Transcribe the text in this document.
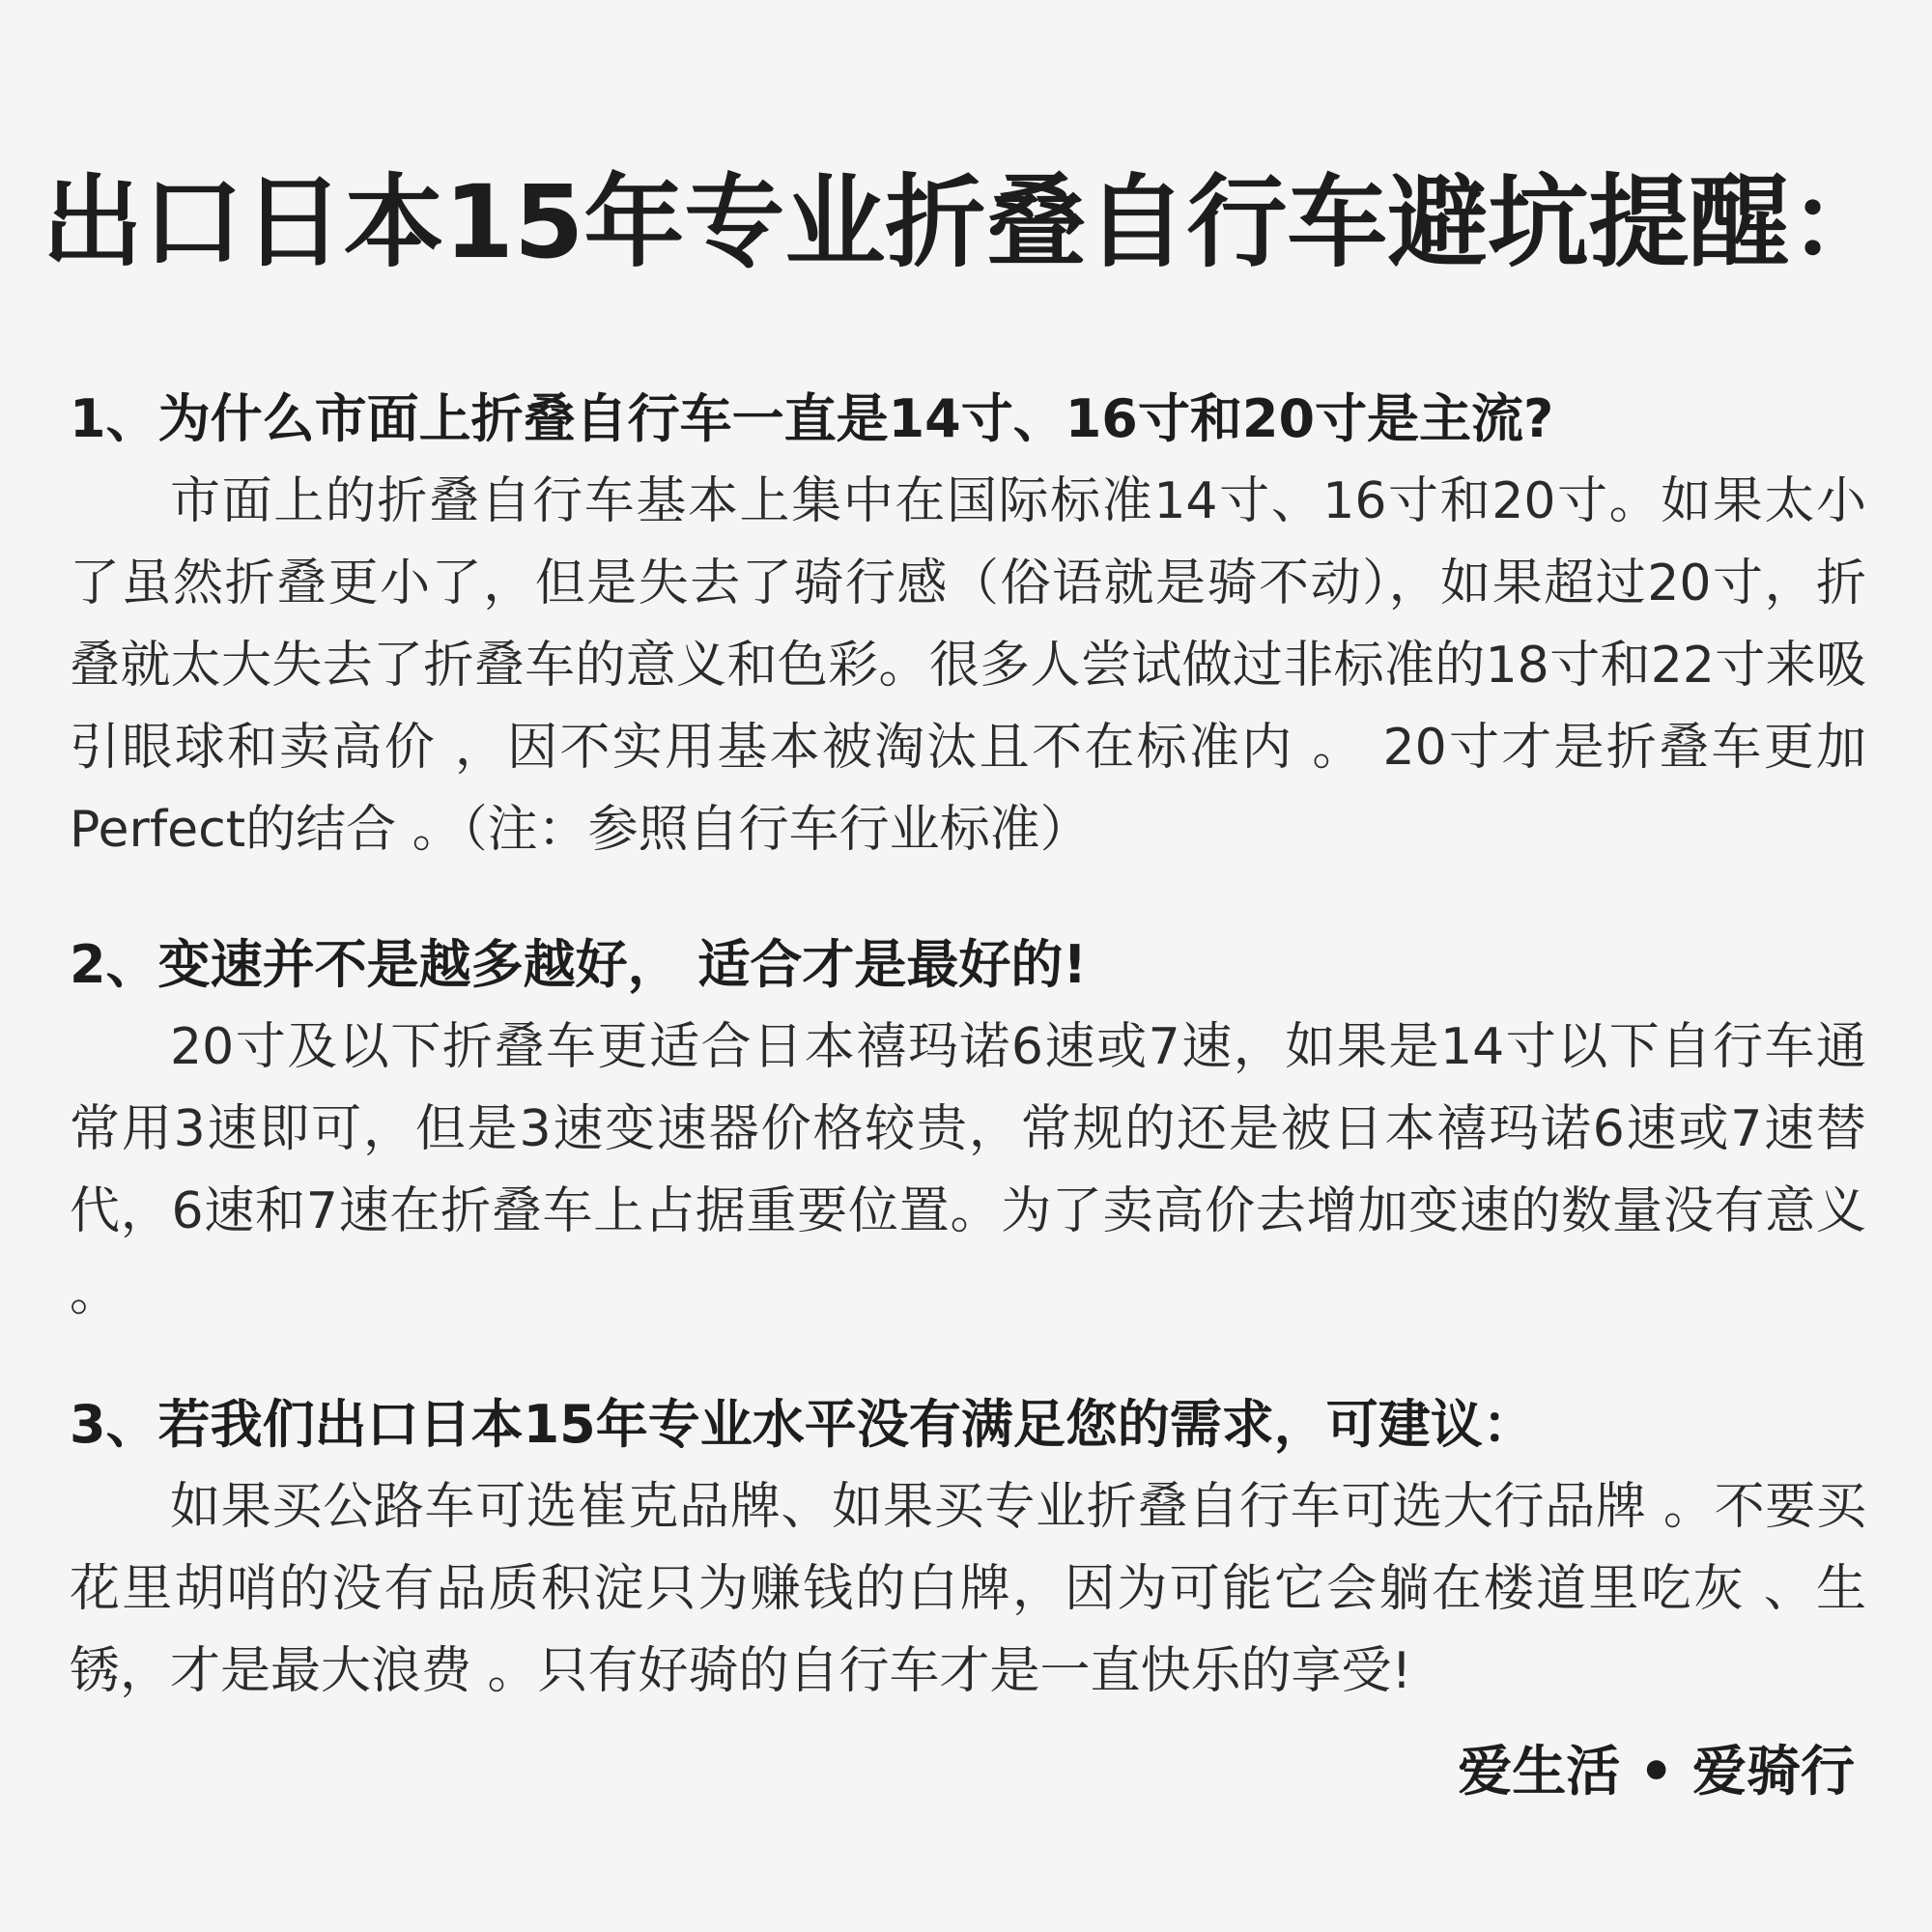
出口日本15年专业折叠自行车避坑提醒：
1、为什么市面上折叠自行车一直是14寸、16寸和20寸是主流?
市面上的折叠自行车基本上集中在国际标准14寸、16寸和20寸。如果太小了虽然折叠更小了，但是失去了骑行感（俗语就是骑不动），如果超过20寸，折叠就太大失去了折叠车的意义和色彩。很多人尝试做过非标准的18寸和22寸来吸引眼球和卖高价 ，因不实用基本被淘汰且不在标准内 。 20寸才是折叠车更加Perfect的结合 。（注：参照自行车行业标准）
2、变速并不是越多越好， 适合才是最好的!
20寸及以下折叠车更适合日本禧玛诺6速或7速，如果是14寸以下自行车通常用3速即可，但是3速变速器价格较贵，常规的还是被日本禧玛诺6速或7速替代，6速和7速在折叠车上占据重要位置。为了卖高价去增加变速的数量没有意义 。
3、若我们出口日本15年专业水平没有满足您的需求，可建议：
如果买公路车可选崔克品牌、如果买专业折叠自行车可选大行品牌 。不要买花里胡哨的没有品质积淀只为赚钱的白牌，因为可能它会躺在楼道里吃灰 、生锈，才是最大浪费 。只有好骑的自行车才是一直快乐的享受!
爱生活 • 爱骑行
